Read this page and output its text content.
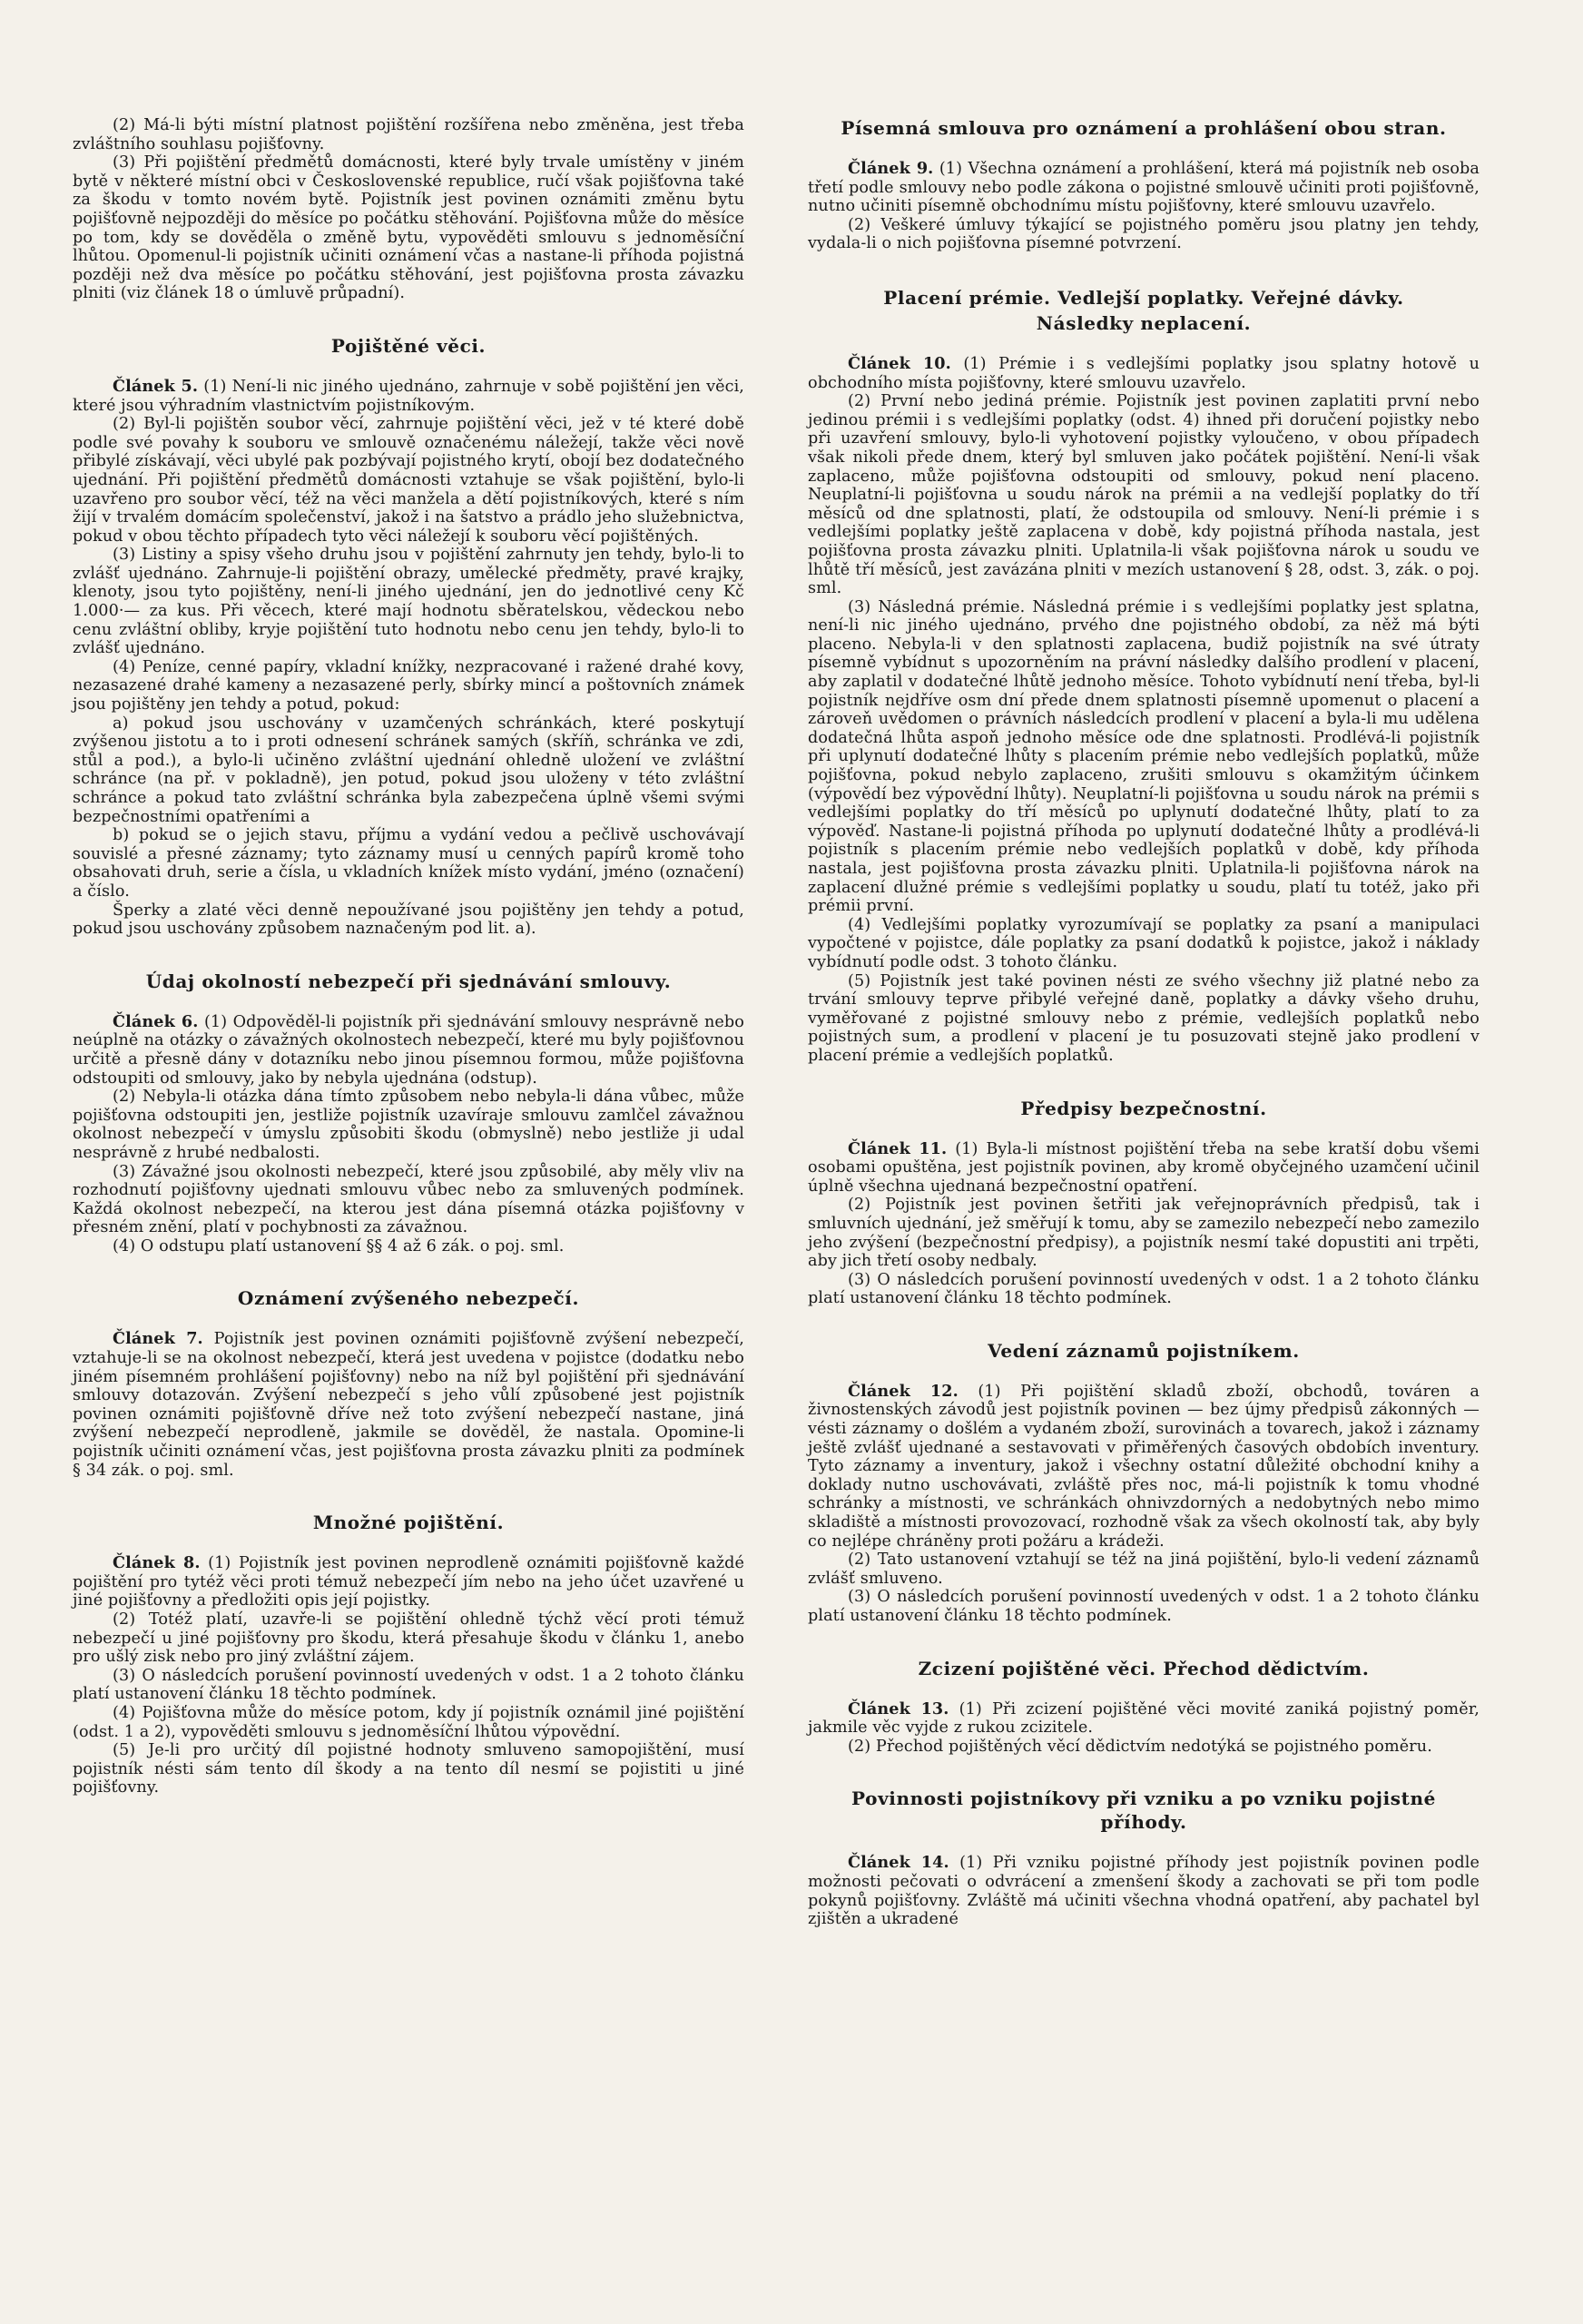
(2) Má-li býti místní platnost pojištění rozšířena nebo změněna, jest třeba zvláštního souhlasu pojišťovny.

(3) Při pojištění předmětů domácnosti, které byly trvale umístěny v jiném bytě v některé místní obci v Československé republice, ručí však pojišťovna také za škodu v tomto novém bytě. Pojistník jest povinen oznámiti změnu bytu pojišťovně nejpozději do měsíce po počátku stěhování. Pojišťovna může do měsíce po tom, kdy se dověděla o změně bytu, vypověděti smlouvu s jednoměsíční lhůtou. Opomenul-li pojistník učiniti oznámení včas a nastane-li příhoda pojistná později než dva měsíce po počátku stěhování, jest pojišťovna prosta závazku plniti (viz článek 18 o úmluvě průpadní).

Pojištěné věci.

Článek 5. (1) Není-li nic jiného ujednáno, zahrnuje v sobě pojištění jen věci, které jsou výhradním vlastnictvím pojistníkovým.

(2) Byl-li pojištěn soubor věcí, zahrnuje pojištění věci, jež v té které době podle své povahy k souboru ve smlouvě označenému náležejí, takže věci nově přibylé získávají, věci ubylé pak pozbývají pojistného krytí, obojí bez dodatečného ujednání. Při pojištění předmětů domácnosti vztahuje se však pojištění, bylo-li uzavřeno pro soubor věcí, též na věci manžela a dětí pojistníkových, které s ním žijí v trvalém domácím společenství, jakož i na šatstvo a prádlo jeho služebnictva, pokud v obou těchto případech tyto věci náležejí k souboru věcí pojištěných.

(3) Listiny a spisy všeho druhu jsou v pojištění zahrnuty jen tehdy, bylo-li to zvlášť ujednáno. Zahrnuje-li pojištění obrazy, umělecké předměty, pravé krajky, klenoty, jsou tyto pojištěny, není-li jiného ujednání, jen do jednotlivé ceny Kč 1.000·— za kus. Při věcech, které mají hodnotu sběratelskou, vědeckou nebo cenu zvláštní obliby, kryje pojištění tuto hodnotu nebo cenu jen tehdy, bylo-li to zvlášť ujednáno.

(4) Peníze, cenné papíry, vkladní knížky, nezpracované i ražené drahé kovy, nezasazené drahé kameny a nezasazené perly, sbírky mincí a poštovních známek jsou pojištěny jen tehdy a potud, pokud:

a) pokud jsou uschovány v uzamčených schránkách, které poskytují zvýšenou jistotu a to i proti odnesení schránek samých (skříň, schránka ve zdi, stůl a pod.), a bylo-li učiněno zvláštní ujednání ohledně uložení ve zvláštní schránce (na př. v pokladně), jen potud, pokud jsou uloženy v této zvláštní schránce a pokud tato zvláštní schránka byla zabezpečena úplně všemi svými bezpečnostními opatřeními a

b) pokud se o jejich stavu, příjmu a vydání vedou a pečlivě uschovávají souvislé a přesné záznamy; tyto záznamy musí u cenných papírů kromě toho obsahovati druh, serie a čísla, u vkladních knížek místo vydání, jméno (označení) a číslo.

Šperky a zlaté věci denně nepoužívané jsou pojištěny jen tehdy a potud, pokud jsou uschovány způsobem naznačeným pod lit. a).

Údaj okolností nebezpečí při sjednávání smlouvy.

Článek 6. (1) Odpověděl-li pojistník při sjednávání smlouvy nesprávně nebo neúplně na otázky o závažných okolnostech nebezpečí, které mu byly pojišťovnou určitě a přesně dány v dotazníku nebo jinou písemnou formou, může pojišťovna odstoupiti od smlouvy, jako by nebyla ujednána (odstup).

(2) Nebyla-li otázka dána tímto způsobem nebo nebyla-li dána vůbec, může pojišťovna odstoupiti jen, jestliže pojistník uzavíraje smlouvu zamlčel závažnou okolnost nebezpečí v úmyslu způsobiti škodu (obmyslně) nebo jestliže ji udal nesprávně z hrubé nedbalosti.

(3) Závažné jsou okolnosti nebezpečí, které jsou způsobilé, aby měly vliv na rozhodnutí pojišťovny ujednati smlouvu vůbec nebo za smluvených podmínek. Každá okolnost nebezpečí, na kterou jest dána písemná otázka pojišťovny v přesném znění, platí v pochybnosti za závažnou.

(4) O odstupu platí ustanovení §§ 4 až 6 zák. o poj. sml.

Oznámení zvýšeného nebezpečí.

Článek 7. Pojistník jest povinen oznámiti pojišťovně zvýšení nebezpečí, vztahuje-li se na okolnost nebezpečí, která jest uvedena v pojistce (dodatku nebo jiném písemném prohlášení pojišťovny) nebo na níž byl pojištění při sjednávání smlouvy dotazován. Zvýšení nebezpečí s jeho vůlí způsobené jest pojistník povinen oznámiti pojišťovně dříve než toto zvýšení nebezpečí nastane, jiná zvýšení nebezpečí neprodleně, jakmile se dověděl, že nastala. Opomine-li pojistník učiniti oznámení včas, jest pojišťovna prosta závazku plniti za podmínek § 34 zák. o poj. sml.

Množné pojištění.

Článek 8. (1) Pojistník jest povinen neprodleně oznámiti pojišťovně každé pojištění pro tytéž věci proti témuž nebezpečí jím nebo na jeho účet uzavřené u jiné pojišťovny a předložiti opis její pojistky.

(2) Totéž platí, uzavře-li se pojištění ohledně týchž věcí proti témuž nebezpečí u jiné pojišťovny pro škodu, která přesahuje škodu v článku 1, anebo pro ušlý zisk nebo pro jiný zvláštní zájem.

(3) O následcích porušení povinností uvedených v odst. 1 a 2 tohoto článku platí ustanovení článku 18 těchto podmínek.

(4) Pojišťovna může do měsíce potom, kdy jí pojistník oznámil jiné pojištění (odst. 1 a 2), vypověděti smlouvu s jednoměsíční lhůtou výpovědní.

(5) Je-li pro určitý díl pojistné hodnoty smluveno samopojištění, musí pojistník nésti sám tento díl škody a na tento díl nesmí se pojistiti u jiné pojišťovny.

Písemná smlouva pro oznámení a prohlášení obou stran.

Článek 9. (1) Všechna oznámení a prohlášení, která má pojistník neb osoba třetí podle smlouvy nebo podle zákona o pojistné smlouvě učiniti proti pojišťovně, nutno učiniti písemně obchodnímu místu pojišťovny, které smlouvu uzavřelo.

(2) Veškeré úmluvy týkající se pojistného poměru jsou platny jen tehdy, vydala-li o nich pojišťovna písemné potvrzení.

Placení prémie. Vedlejší poplatky. Veřejné dávky.
Následky neplacení.

Článek 10. (1) Prémie i s vedlejšími poplatky jsou splatny hotově u obchodního místa pojišťovny, které smlouvu uzavřelo.

(2) První nebo jediná prémie. Pojistník jest povinen zaplatiti první nebo jedinou prémii i s vedlejšími poplatky (odst. 4) ihned při doručení pojistky nebo při uzavření smlouvy, bylo-li vyhotovení pojistky vyloučeno, v obou případech však nikoli přede dnem, který byl smluven jako počátek pojištění. Není-li však zaplaceno, může pojišťovna odstoupiti od smlouvy, pokud není placeno. Neuplatní-li pojišťovna u soudu nárok na prémii a na vedlejší poplatky do tří měsíců od dne splatnosti, platí, že odstoupila od smlouvy. Není-li prémie i s vedlejšími poplatky ještě zaplacena v době, kdy pojistná příhoda nastala, jest pojišťovna prosta závazku plniti. Uplatnila-li však pojišťovna nárok u soudu ve lhůtě tří měsíců, jest zavázána plniti v mezích ustanovení § 28, odst. 3, zák. o poj. sml.

(3) Následná prémie. Následná prémie i s vedlejšími poplatky jest splatna, není-li nic jiného ujednáno, prvého dne pojistného období, za něž má býti placeno. Nebyla-li v den splatnosti zaplacena, budiž pojistník na své útraty písemně vybídnut s upozorněním na právní následky dalšího prodlení v placení, aby zaplatil v dodatečné lhůtě jednoho měsíce. Tohoto vybídnutí není třeba, byl-li pojistník nejdříve osm dní přede dnem splatnosti písemně upomenut o placení a zároveň uvědomen o právních následcích prodlení v placení a byla-li mu udělena dodatečná lhůta aspoň jednoho měsíce ode dne splatnosti. Prodlévá-li pojistník při uplynutí dodatečné lhůty s placením prémie nebo vedlejších poplatků, může pojišťovna, pokud nebylo zaplaceno, zrušiti smlouvu s okamžitým účinkem (výpovědí bez výpovědní lhůty). Neuplatní-li pojišťovna u soudu nárok na prémii s vedlejšími poplatky do tří měsíců po uplynutí dodatečné lhůty, platí to za výpověď. Nastane-li pojistná příhoda po uplynutí dodatečné lhůty a prodlévá-li pojistník s placením prémie nebo vedlejších poplatků v době, kdy příhoda nastala, jest pojišťovna prosta závazku plniti. Uplatnila-li pojišťovna nárok na zaplacení dlužné prémie s vedlejšími poplatky u soudu, platí tu totéž, jako při prémii první.

(4) Vedlejšími poplatky vyrozumívají se poplatky za psaní a manipulaci vypočtené v pojistce, dále poplatky za psaní dodatků k pojistce, jakož i náklady vybídnutí podle odst. 3 tohoto článku.

(5) Pojistník jest také povinen nésti ze svého všechny již platné nebo za trvání smlouvy teprve přibylé veřejné daně, poplatky a dávky všeho druhu, vyměřované z pojistné smlouvy nebo z prémie, vedlejších poplatků nebo pojistných sum, a prodlení v placení je tu posuzovati stejně jako prodlení v placení prémie a vedlejších poplatků.

Předpisy bezpečnostní.

Článek 11. (1) Byla-li místnost pojištění třeba na sebe kratší dobu všemi osobami opuštěna, jest pojistník povinen, aby kromě obyčejného uzamčení učinil úplně všechna ujednaná bezpečnostní opatření.

(2) Pojistník jest povinen šetřiti jak veřejnoprávních předpisů, tak i smluvních ujednání, jež směřují k tomu, aby se zamezilo nebezpečí nebo zamezilo jeho zvýšení (bezpečnostní předpisy), a pojistník nesmí také dopustiti ani trpěti, aby jich třetí osoby nedbaly.

(3) O následcích porušení povinností uvedených v odst. 1 a 2 tohoto článku platí ustanovení článku 18 těchto podmínek.

Vedení záznamů pojistníkem.

Článek 12. (1) Při pojištění skladů zboží, obchodů, továren a živnostenských závodů jest pojistník povinen — bez újmy předpisů zákonných — vésti záznamy o došlém a vydaném zboží, surovinách a tovarech, jakož i záznamy ještě zvlášť ujednané a sestavovati v přiměřených časových obdobích inventury. Tyto záznamy a inventury, jakož i všechny ostatní důležité obchodní knihy a doklady nutno uschovávati, zvláště přes noc, má-li pojistník k tomu vhodné schránky a místnosti, ve schránkách ohnivzdorných a nedobytných nebo mimo skladiště a místnosti provozovací, rozhodně však za všech okolností tak, aby byly co nejlépe chráněny proti požáru a krádeži.

(2) Tato ustanovení vztahují se též na jiná pojištění, bylo-li vedení záznamů zvlášť smluveno.

(3) O následcích porušení povinností uvedených v odst. 1 a 2 tohoto článku platí ustanovení článku 18 těchto podmínek.

Zcizení pojištěné věci. Přechod dědictvím.

Článek 13. (1) Při zcizení pojištěné věci movité zaniká pojistný poměr, jakmile věc vyjde z rukou zcizitele.

(2) Přechod pojištěných věcí dědictvím nedotýká se pojistného poměru.

Povinnosti pojistníkovy při vzniku a po vzniku pojistné příhody.

Článek 14. (1) Při vzniku pojistné příhody jest pojistník povinen podle možnosti pečovati o odvrácení a zmenšení škody a zachovati se při tom podle pokynů pojišťovny. Zvláště má učiniti všechna vhodná opatření, aby pachatel byl zjištěn a ukradené
